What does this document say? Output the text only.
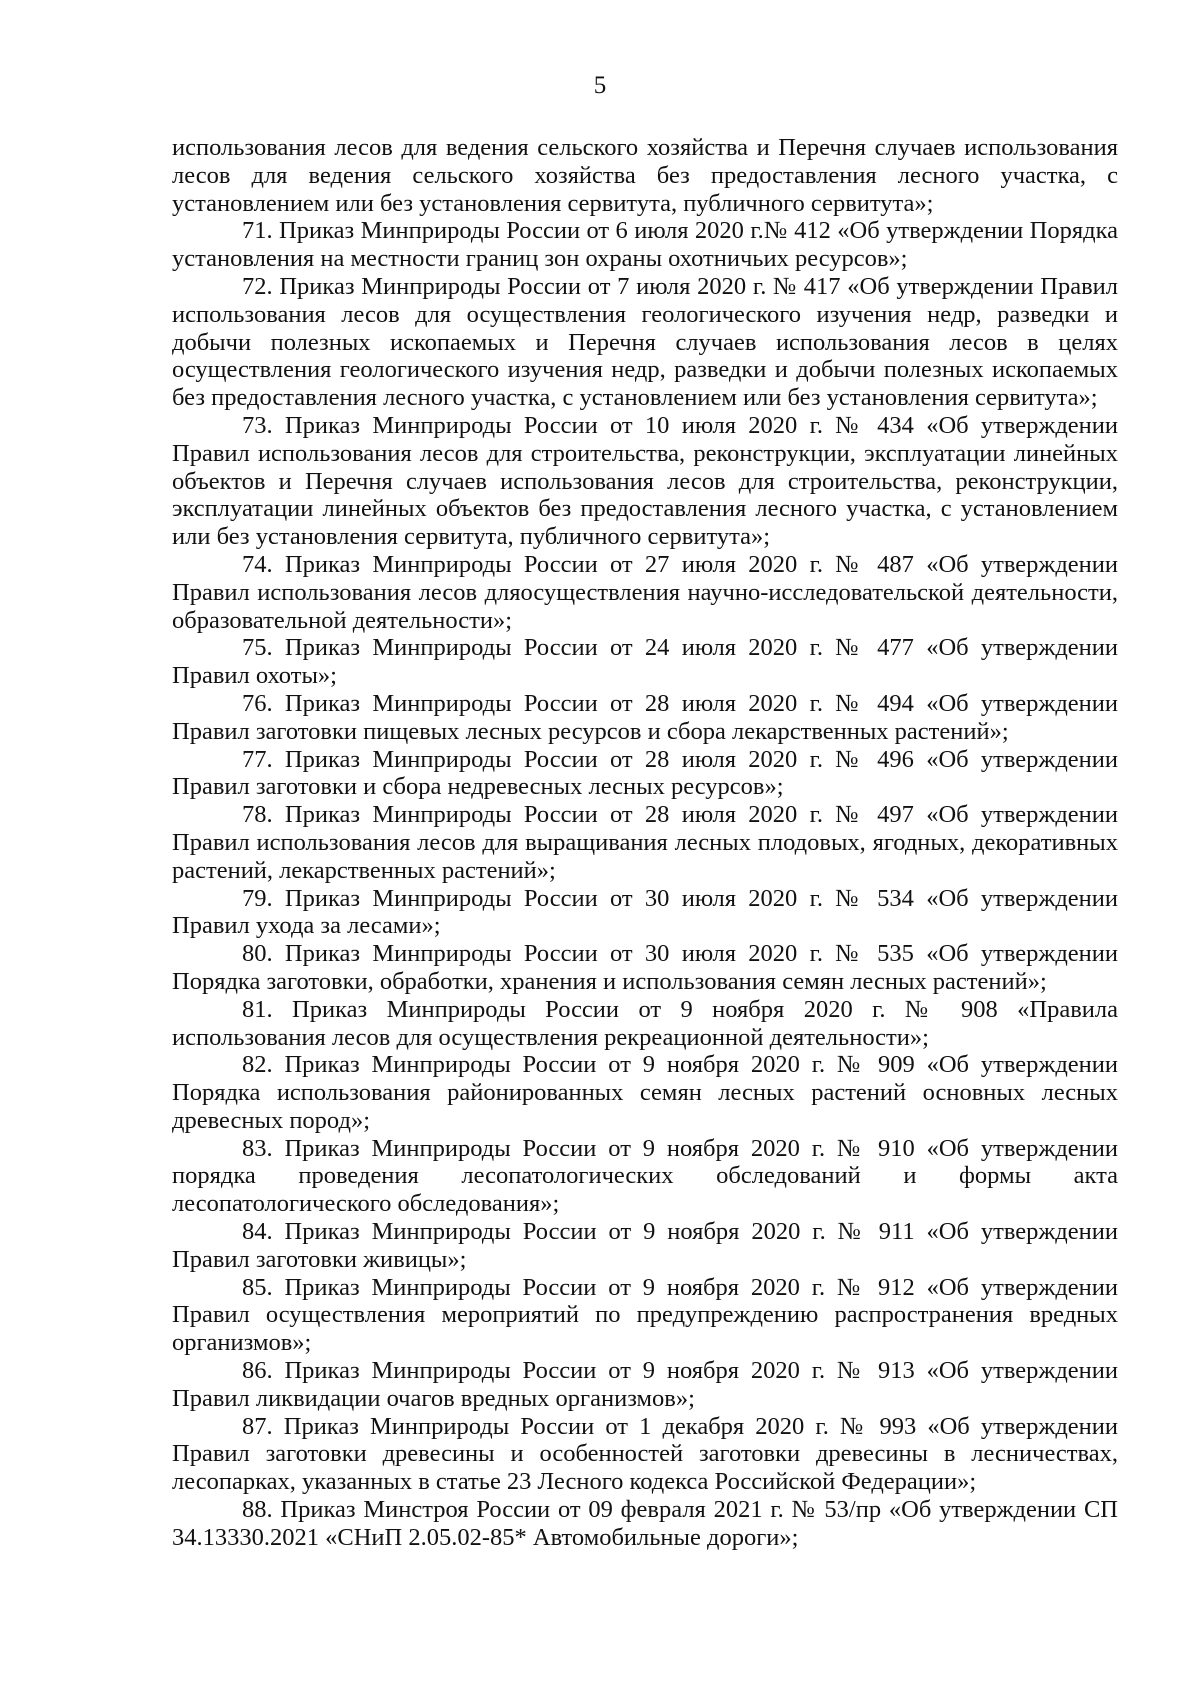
5

использования лесов для ведения сельского хозяйства и Перечня случаев использования лесов для ведения сельского хозяйства без предоставления лесного участка, с установлением или без установления сервитута, публичного сервитута»;

71. Приказ Минприроды России от 6 июля 2020 г.№ 412 «Об утверждении Порядка установления на местности границ зон охраны охотничьих ресурсов»;

72. Приказ Минприроды России от 7 июля 2020 г. № 417 «Об утверждении Правил использования лесов для осуществления геологического изучения недр, разведки и добычи полезных ископаемых и Перечня случаев использования лесов в целях осуществления геологического изучения недр, разведки и добычи полезных ископаемых без предоставления лесного участка, с установлением или без установления сервитута»;

73. Приказ Минприроды России от 10 июля 2020 г. № 434 «Об утверждении Правил использования лесов для строительства, реконструкции, эксплуатации линейных объектов и Перечня случаев использования лесов для строительства, реконструкции, эксплуатации линейных объектов без предоставления лесного участка, с установлением или без установления сервитута, публичного сервитута»;

74. Приказ Минприроды России от 27 июля 2020 г. № 487 «Об утверждении Правил использования лесов дляосуществления научно-исследовательской деятельности, образовательной деятельности»;

75. Приказ Минприроды России от 24 июля 2020 г. № 477 «Об утверждении Правил охоты»;

76. Приказ Минприроды России от 28 июля 2020 г. № 494 «Об утверждении Правил заготовки пищевых лесных ресурсов и сбора лекарственных растений»;

77. Приказ Минприроды России от 28 июля 2020 г. № 496 «Об утверждении Правил заготовки и сбора недревесных лесных ресурсов»;

78. Приказ Минприроды России от 28 июля 2020 г. № 497 «Об утверждении Правил использования лесов для выращивания лесных плодовых, ягодных, декоративных растений, лекарственных растений»;

79. Приказ Минприроды России от 30 июля 2020 г. № 534 «Об утверждении Правил ухода за лесами»;

80. Приказ Минприроды России от 30 июля 2020 г. № 535 «Об утверждении Порядка заготовки, обработки, хранения и использования семян лесных растений»;

81. Приказ Минприроды России от 9 ноября 2020 г. № 908 «Правила использования лесов для осуществления рекреационной деятельности»;

82. Приказ Минприроды России от 9 ноября 2020 г. № 909 «Об утверждении Порядка использования районированных семян лесных растений основных лесных древесных пород»;

83. Приказ Минприроды России от 9 ноября 2020 г. № 910 «Об утверждении порядка проведения лесопатологических обследований и формы акта лесопатологического обследования»;

84. Приказ Минприроды России от 9 ноября 2020 г. № 911 «Об утверждении Правил заготовки живицы»;

85. Приказ Минприроды России от 9 ноября 2020 г. № 912 «Об утверждении Правил осуществления мероприятий по предупреждению распространения вредных организмов»;

86. Приказ Минприроды России от 9 ноября 2020 г. № 913 «Об утверждении Правил ликвидации очагов вредных организмов»;

87. Приказ Минприроды России от 1 декабря 2020 г. № 993 «Об утверждении Правил заготовки древесины и особенностей заготовки древесины в лесничествах, лесопарках, указанных в статье 23 Лесного кодекса Российской Федерации»;

88. Приказ Минстроя России от 09 февраля 2021 г. № 53/пр «Об утверждении СП 34.13330.2021 «СНиП 2.05.02-85* Автомобильные дороги»;
